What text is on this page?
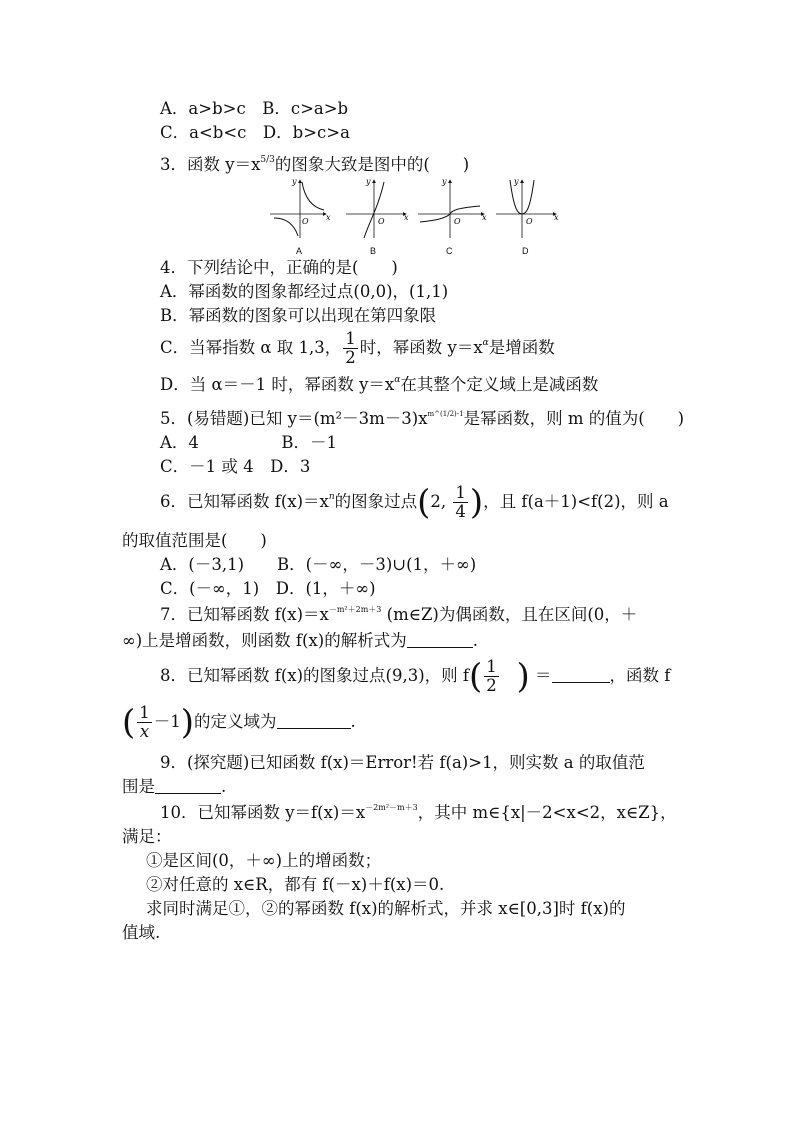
A．a>b>c　B．c>a>b
C．a<b<c　D．b>c>a
3．函数 $y=x^{5/3}$的图象大致是图中的(　　)
y
O x
y
O x
y
O	x
y
O	x
A	B	C	D
4．下列结论中，正确的是(　　)
A．幂函数的图象都经过点(0,0)，(1,1)
B．幂函数的图象可以出现在第四象限
C．当幂指数 α 取 1,3， $\frac{1}{2}$ 时，幂函数 $y=x^\alpha$是增函数
D．当 α＝－1 时，幂函数 $y=x^\alpha$在其整个定义域上是减函数
5．(易错题)已知 $y=(m^2-3m-3)x^{m\^{}(1/2)-1}$是幂函数，则 m 的值为(　　)
A．4　　　　　B．－1
C．－1 或 4　D．3
6．已知幂函数 $f(x)=x^n$的图象过点(2, $\frac{1}{4}$ )，且 f(a＋1)<f(2)，则 a
的取值范围是(　　)
A．(－3,1)　　B．(－∞，－3)∪(1，＋∞)
C．(－∞，1)　D．(1，＋∞)
7．已知幂函数 $f(x)=x^{-m^2+2m+3}$ (m∈Z)为偶函数，且在区间(0，＋
∞)上是增函数，则函数 f(x)的解析式为	.
8．已知幂函数 f(x)的图象过点(9,3)，则 $f( \frac{1}{2}$ ) ＝	，函数 f
( $\frac{1}{x} -1$)的定义域为	.
9．(探究题)已知函数 f(x)＝Error!若 f(a)>1，则实数 a 的取值范
围是	.
10．已知幂函数 $y=f(x)=x^{-2m^2-m+3}$，其中 m∈{x|－2<x<2，x∈Z}，
满足：
①是区间(0，＋∞)上的增函数；
②对任意的 x∈R，都有 f(－x)＋f(x)＝0.
求同时满足①，②的幂函数 f(x)的解析式，并求 x∈[0,3]时 f(x)的
值域.
